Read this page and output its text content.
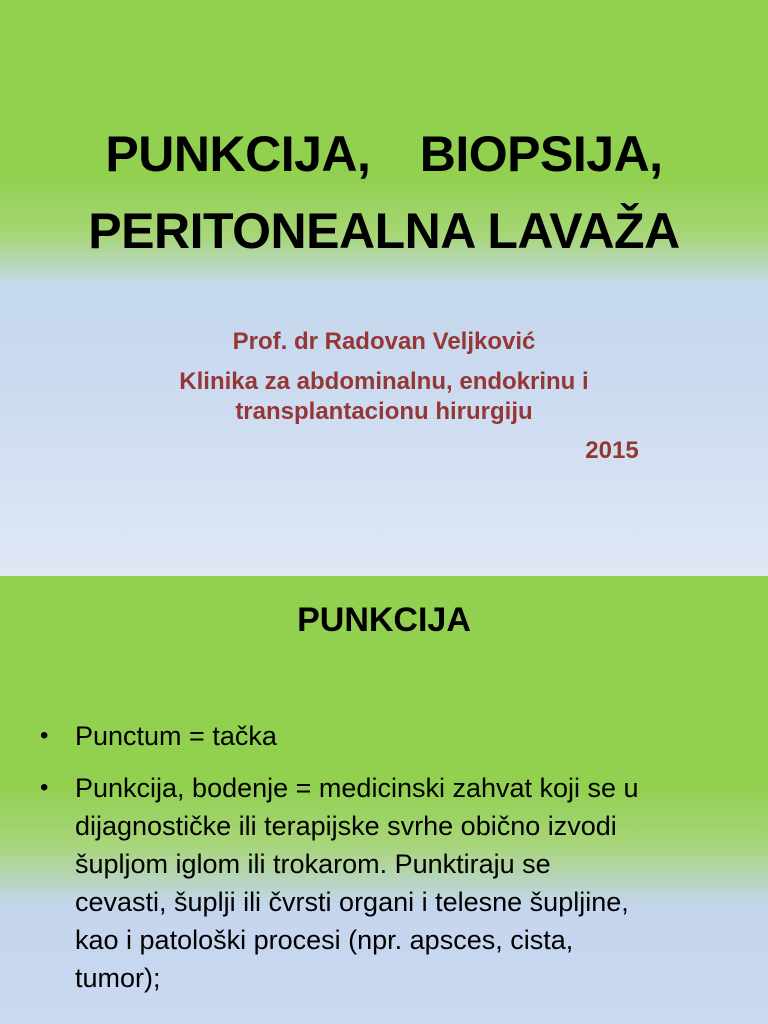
PUNKCIJA, BIOPSIJA,
PERITONEALNA LAVAŽA
Prof. dr Radovan Veljković
Klinika za abdominalnu, endokrinu i
transplantacionu hirurgiju
2015
PUNKCIJA
• Punctum = tačka
• Punkcija, bodenje = medicinski zahvat koji se u
dijagnostičke ili terapijske svrhe obično izvodi
šupljom iglom ili trokarom. Punktiraju se
cevasti, šuplji ili čvrsti organi i telesne šupljine,
kao i patološki procesi (npr. apsces, cista,
tumor);
